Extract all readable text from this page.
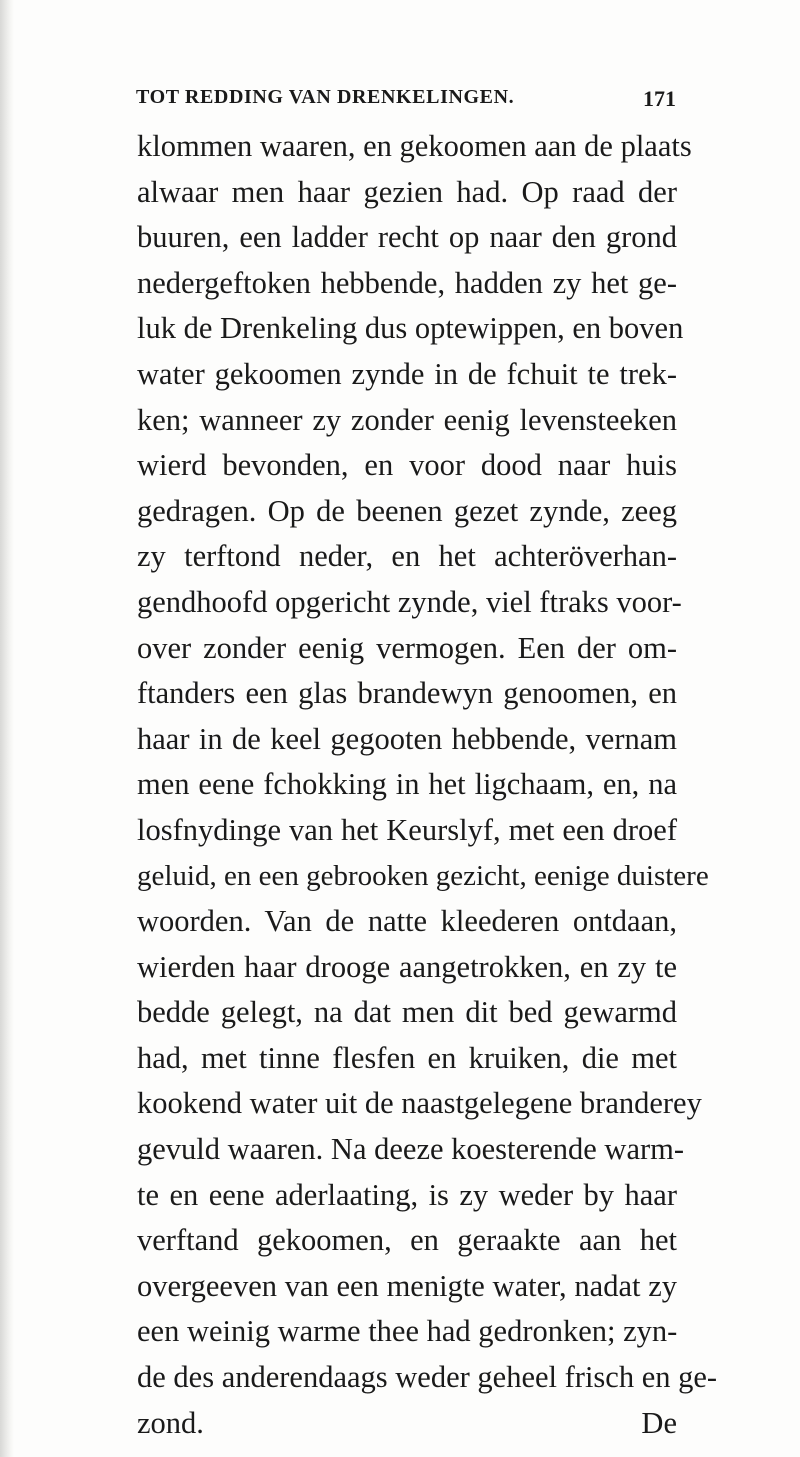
TOT REDDING VAN DRENKELINGEN.	171
klommen waaren, en gekoomen aan de plaats
alwaar men haar gezien had. Op raad der
buuren, een ladder recht op naar den grond
nedergeftoken hebbende, hadden zy het ge-
luk de Drenkeling dus optewippen, en boven
water gekoomen zynde in de fchuit te trek-
ken; wanneer zy zonder eenig levensteeken
wierd bevonden, en voor dood naar huis
gedragen. Op de beenen gezet zynde, zeeg
zy terftond neder, en het achteröverhan-
gendhoofd opgericht zynde, viel ftraks voor-
over zonder eenig vermogen. Een der om-
ftanders een glas brandewyn genoomen, en
haar in de keel gegooten hebbende, vernam
men eene fchokking in het ligchaam, en, na
losfnydinge van het Keurslyf, met een droef
geluid, en een gebrooken gezicht, eenige duistere
woorden. Van de natte kleederen ontdaan,
wierden haar drooge aangetrokken, en zy te
bedde gelegt, na dat men dit bed gewarmd
had, met tinne flesfen en kruiken, die met
kookend water uit de naastgelegene branderey
gevuld waaren. Na deeze koesterende warm-
te en eene aderlaating, is zy weder by haar
verftand gekoomen, en geraakte aan het
overgeeven van een menigte water, nadat zy
een weinig warme thee had gedronken; zyn-
de des anderendaags weder geheel frisch en ge-
zond.	De
